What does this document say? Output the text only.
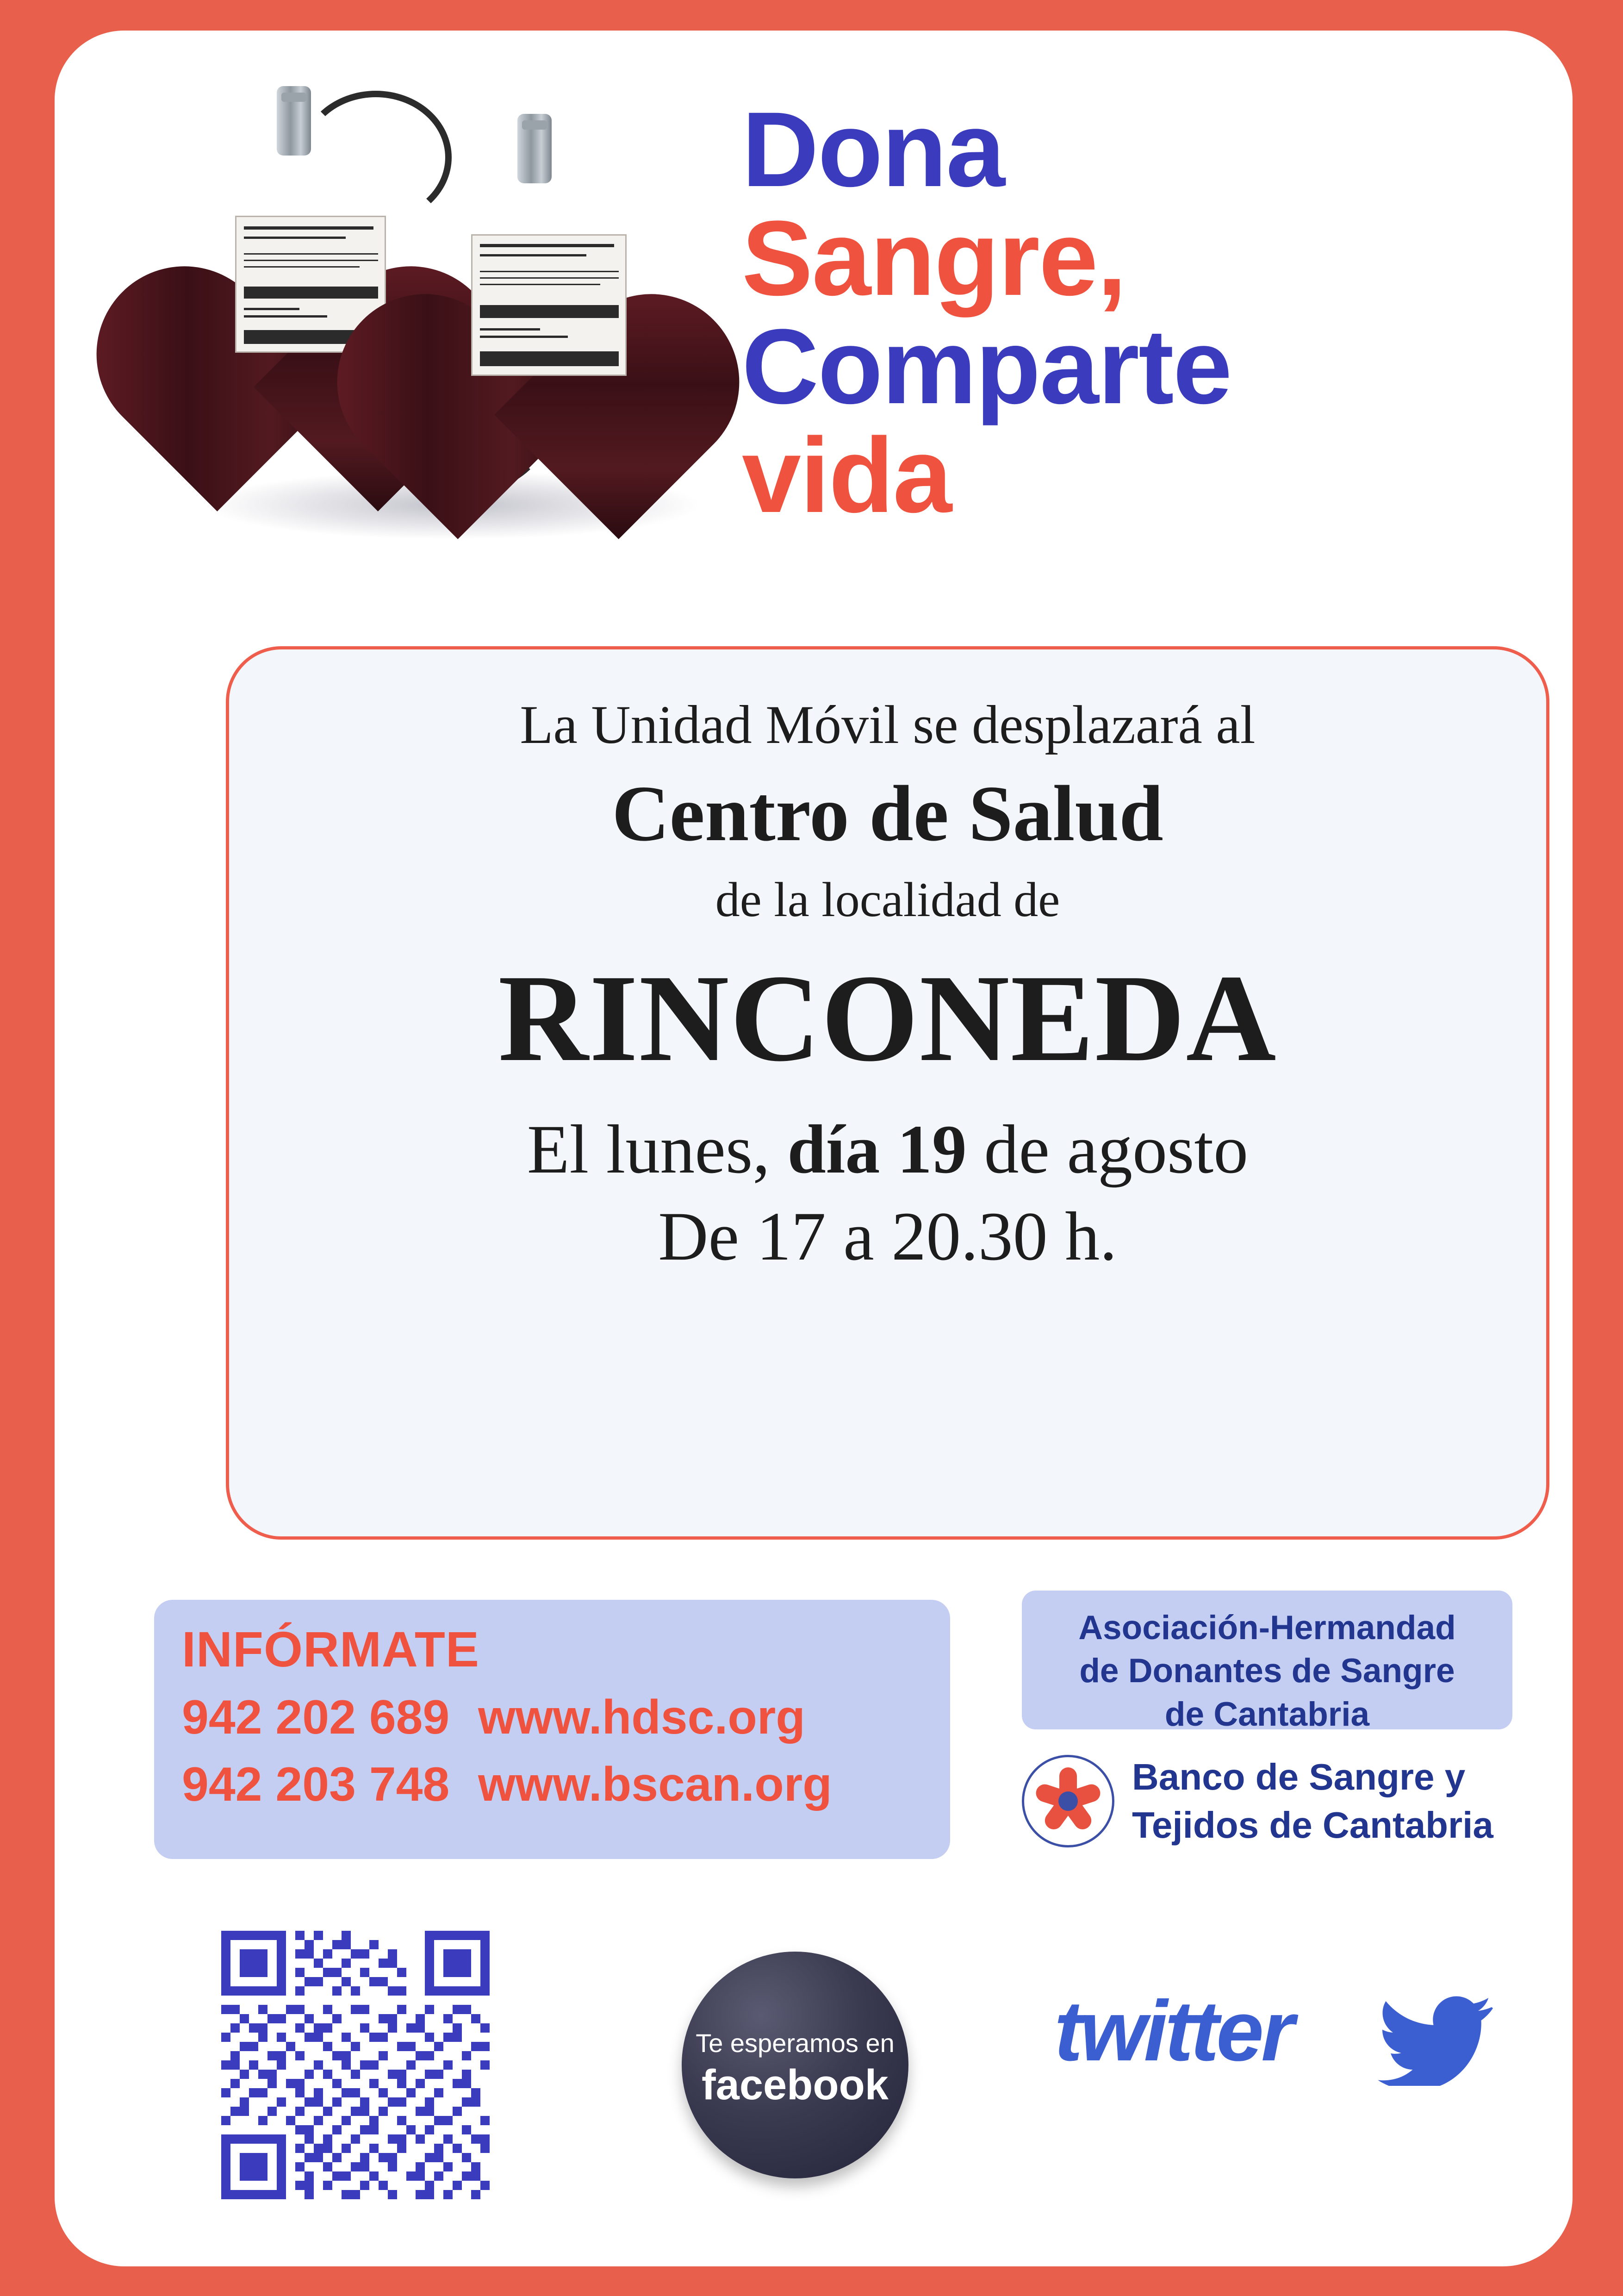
Dona
Sangre,
Comparte
vida
La Unidad Móvil se desplazará al
Centro de Salud
de la localidad de
RINCONEDA
El lunes, día 19 de agosto
De 17 a 20.30 h.
INFÓRMATE
942 202 689 www.hdsc.org
942 203 748 www.bscan.org
Asociación-Hermandad
de Donantes de Sangre
de Cantabria
Banco de Sangre y
Tejidos de Cantabria
Te esperamos en
facebook
twitter
